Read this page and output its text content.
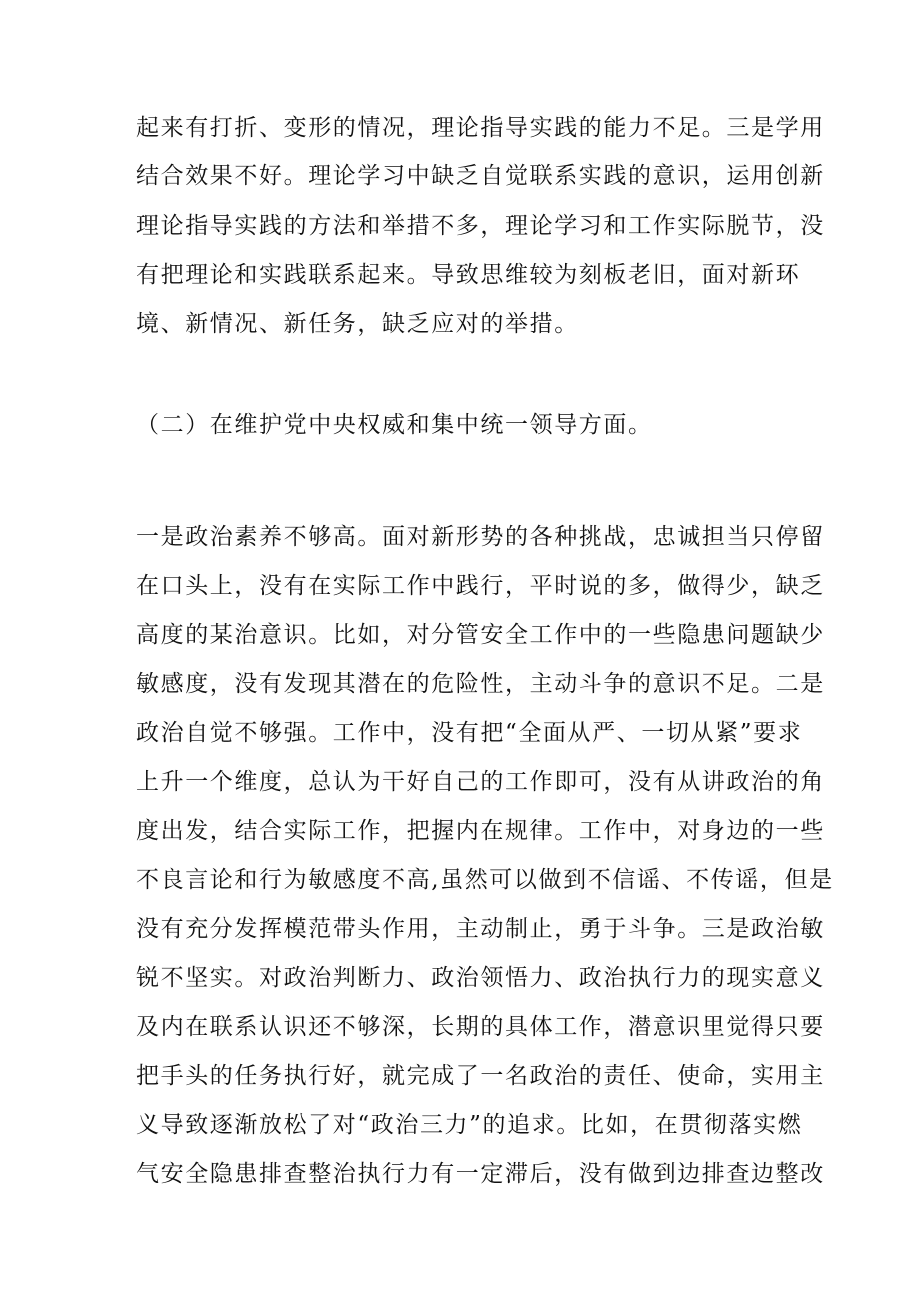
起来有打折、变形的情况，理论指导实践的能力不足。三是学用
结合效果不好。理论学习中缺乏自觉联系实践的意识，运用创新
理论指导实践的方法和举措不多，理论学习和工作实际脱节，没
有把理论和实践联系起来。导致思维较为刻板老旧，面对新环
境、新情况、新任务，缺乏应对的举措。
（二）在维护党中央权威和集中统一领导方面。
一是政治素养不够高。面对新形势的各种挑战，忠诚担当只停留
在口头上，没有在实际工作中践行，平时说的多，做得少，缺乏
高度的某治意识。比如，对分管安全工作中的一些隐患问题缺少
敏感度，没有发现其潜在的危险性，主动斗争的意识不足。二是
政治自觉不够强。工作中，没有把“全面从严、一切从紧”要求
上升一个维度，总认为干好自己的工作即可，没有从讲政治的角
度出发，结合实际工作，把握内在规律。工作中，对身边的一些
不良言论和行为敏感度不高,虽然可以做到不信谣、不传谣，但是
没有充分发挥模范带头作用，主动制止，勇于斗争。三是政治敏
锐不坚实。对政治判断力、政治领悟力、政治执行力的现实意义
及内在联系认识还不够深，长期的具体工作，潜意识里觉得只要
把手头的任务执行好，就完成了一名政治的责任、使命，实用主
义导致逐渐放松了对“政治三力”的追求。比如，在贯彻落实燃
气安全隐患排查整治执行力有一定滞后，没有做到边排查边整改
